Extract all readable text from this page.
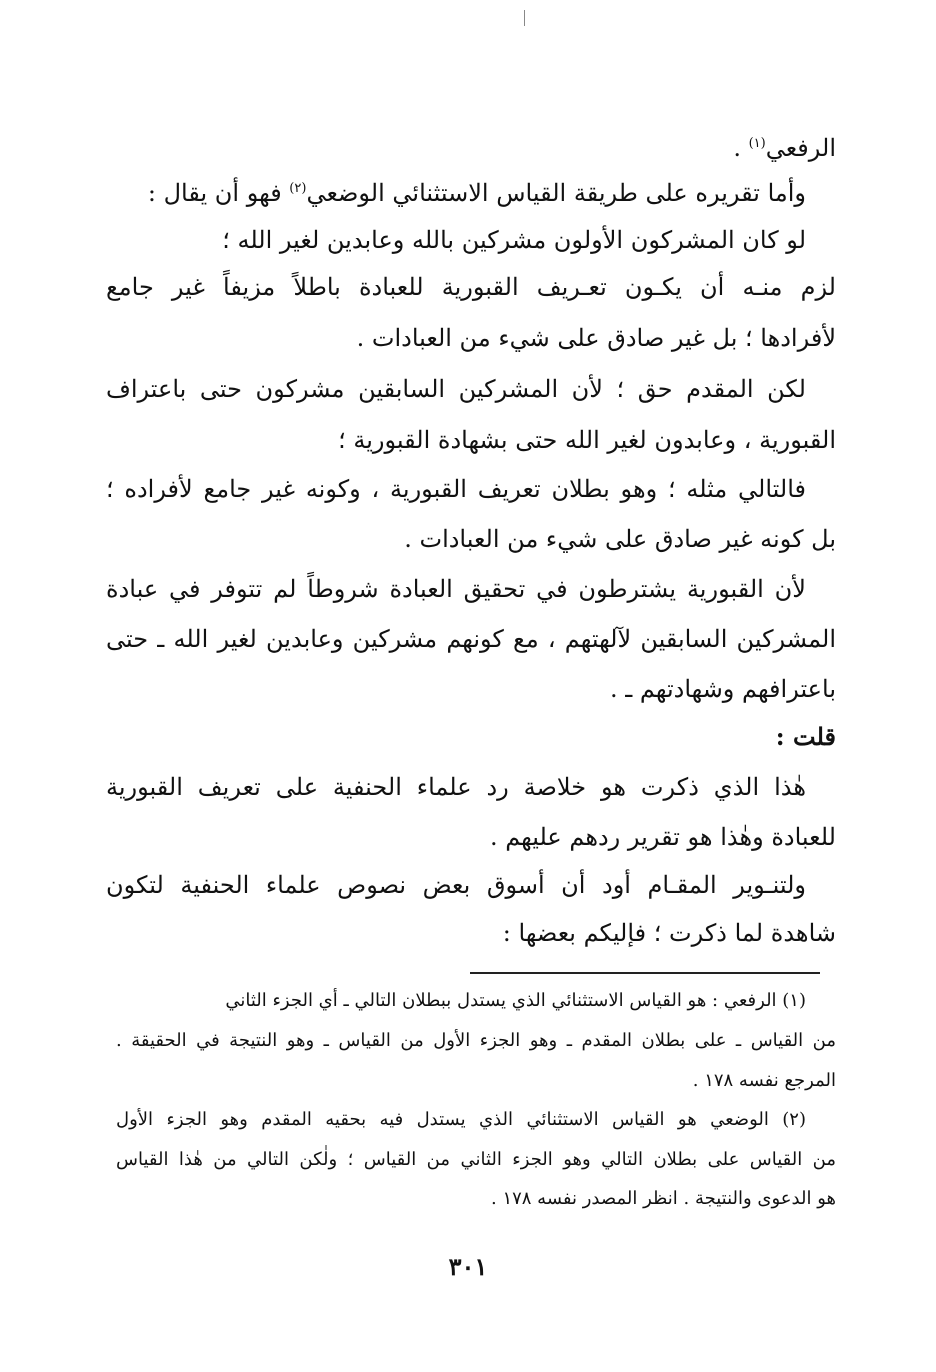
الرفعي$^{(١)}$ .
وأما تقريره على طريقة القياس الاستثنائي الوضعي$^{(٢)}$ فهو أن يقال :
لو كان المشركون الأولون مشركين بالله وعابدين لغير الله ؛
لزم منـه أن يكـون تعـريف القبورية للعبادة باطلاً مزيفاً غير جامع
لأفرادها ؛ بل غير صادق على شيء من العبادات .
لكن المقدم حق ؛ لأن المشركين السابقين مشركون حتى باعتراف
القبورية ، وعابدون لغير الله حتى بشهادة القبورية ؛
فالتالي مثله ؛ وهو بطلان تعريف القبورية ، وكونه غير جامع لأفراده ؛
بل كونه غير صادق على شيء من العبادات .
لأن القبورية يشترطون في تحقيق العبادة شروطاً لم تتوفر في عبادة
المشركين السابقين لآلهتهم ، مع كونهم مشركين وعابدين لغير الله ـ حتى
باعترافهم وشهادتهم ـ .
قلت :
هٰذا الذي ذكرت هو خلاصة رد علماء الحنفية على تعريف القبورية
للعبادة وهٰذا هو تقرير ردهم عليهم .
ولتنـوير المقـام أود أن أسوق بعض نصوص علماء الحنفية لتكون
شاهدة لما ذكرت ؛ فإليكم بعضها :
(١) الرفعي : هو القياس الاستثنائي الذي يستدل ببطلان التالي ـ أي الجزء الثاني
من القياس ـ على بطلان المقدم ـ وهو الجزء الأول من القياس ـ وهو النتيجة في الحقيقة .
المرجع نفسه ١٧٨ .
(٢) الوضعي هو القياس الاستثنائي الذي يستدل فيه بحقيه المقدم وهو الجزء الأول
من القياس على بطلان التالي وهو الجزء الثاني من القياس ؛ ولٰكن التالي من هٰذا القياس
هو الدعوى والنتيجة . انظر المصدر نفسه ١٧٨ .
٣٠١
